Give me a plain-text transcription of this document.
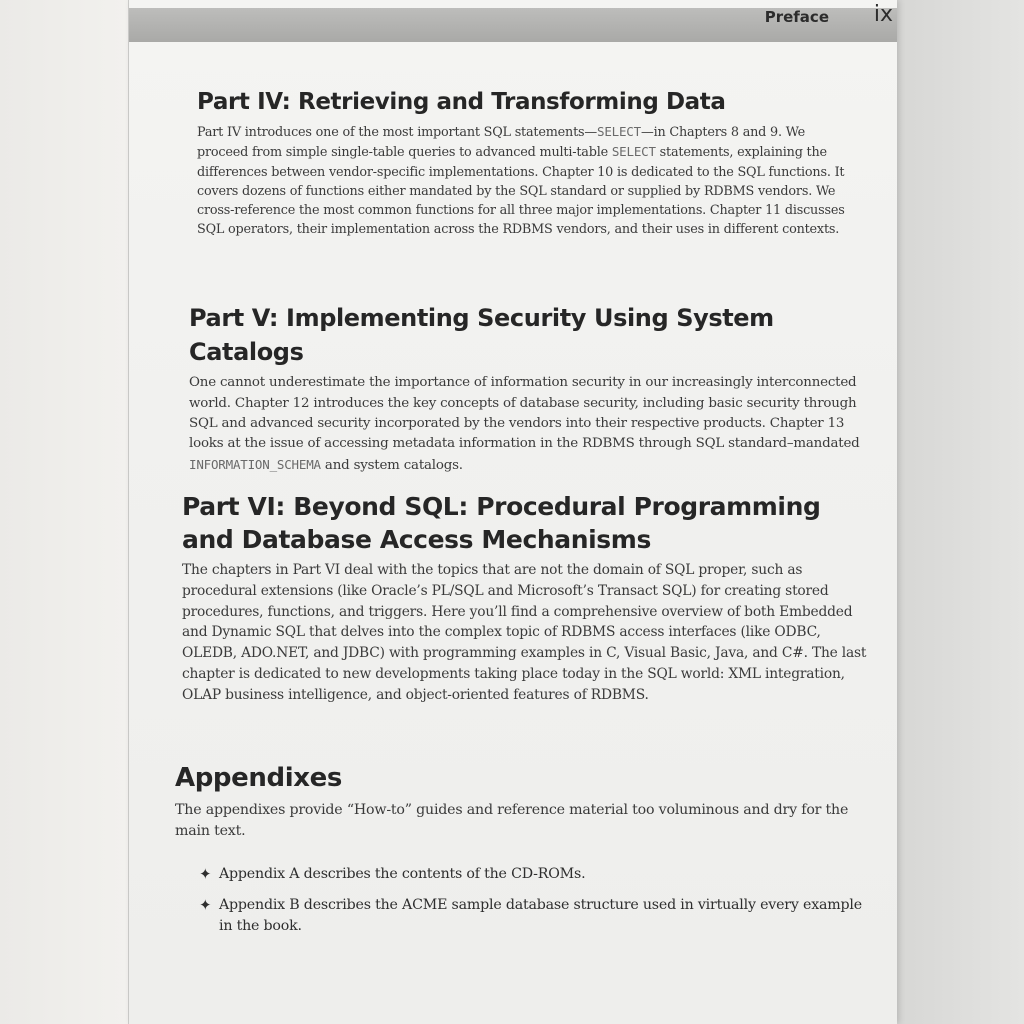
Preface ix
Part IV: Retrieving and Transforming Data

Part IV introduces one of the most important SQL statements—SELECT—in Chapters 8 and 9. We proceed from simple single-table queries to advanced multi-table SELECT statements, explaining the differences between vendor-specific implementations. Chapter 10 is dedicated to the SQL functions. It covers dozens of functions either mandated by the SQL standard or supplied by RDBMS vendors. We cross-reference the most common functions for all three major implementations. Chapter 11 discusses SQL operators, their implementation across the RDBMS vendors, and their uses in different contexts.

Part V: Implementing Security Using System Catalogs

One cannot underestimate the importance of information security in our increasingly interconnected world. Chapter 12 introduces the key concepts of database security, including basic security through SQL and advanced security incorporated by the vendors into their respective products. Chapter 13 looks at the issue of accessing metadata information in the RDBMS through SQL standard–mandated INFORMATION_SCHEMA and system catalogs.

Part VI: Beyond SQL: Procedural Programming and Database Access Mechanisms

The chapters in Part VI deal with the topics that are not the domain of SQL proper, such as procedural extensions (like Oracle’s PL/SQL and Microsoft’s Transact SQL) for creating stored procedures, functions, and triggers. Here you’ll find a comprehensive overview of both Embedded and Dynamic SQL that delves into the complex topic of RDBMS access interfaces (like ODBC, OLEDB, ADO.NET, and JDBC) with programming examples in C, Visual Basic, Java, and C#. The last chapter is dedicated to new developments taking place today in the SQL world: XML integration, OLAP business intelligence, and object-oriented features of RDBMS.

Appendixes

The appendixes provide “How-to” guides and reference material too voluminous and dry for the main text.

✦ Appendix A describes the contents of the CD-ROMs.
✦ Appendix B describes the ACME sample database structure used in virtually every example in the book.
